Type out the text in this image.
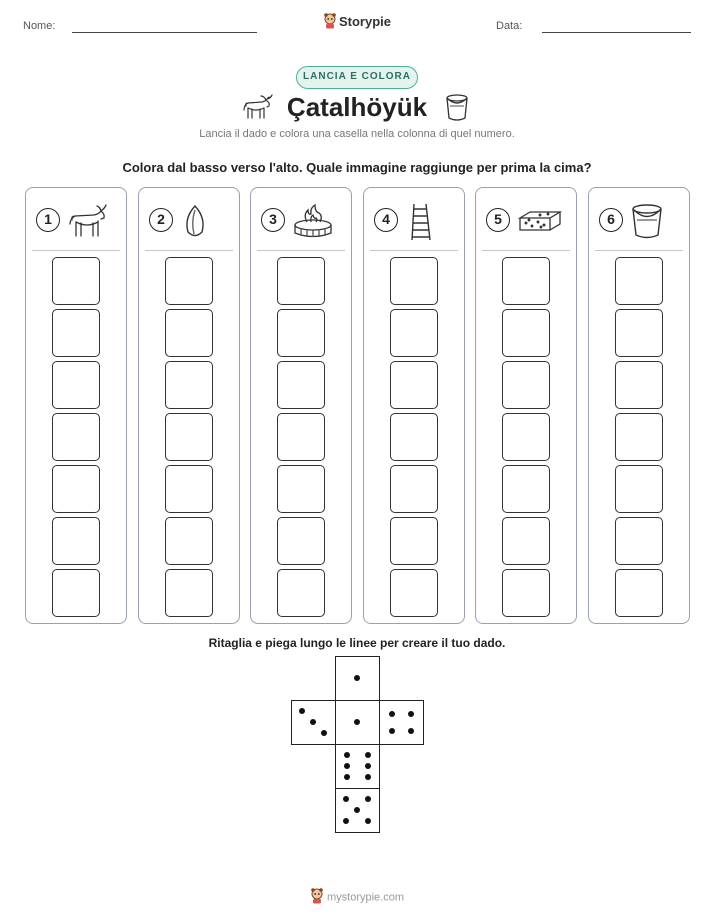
Nome:	Storypie	Data:
LANCIA E COLORA
Çatalhöyük
Lancia il dado e colora una casella nella colonna di quel numero.
Colora dal basso verso l'alto. Quale immagine raggiunge per prima la cima?
1	2	3	4	5	6
Ritaglia e piega lungo le linee per creare il tuo dado.
mystorypie.com
